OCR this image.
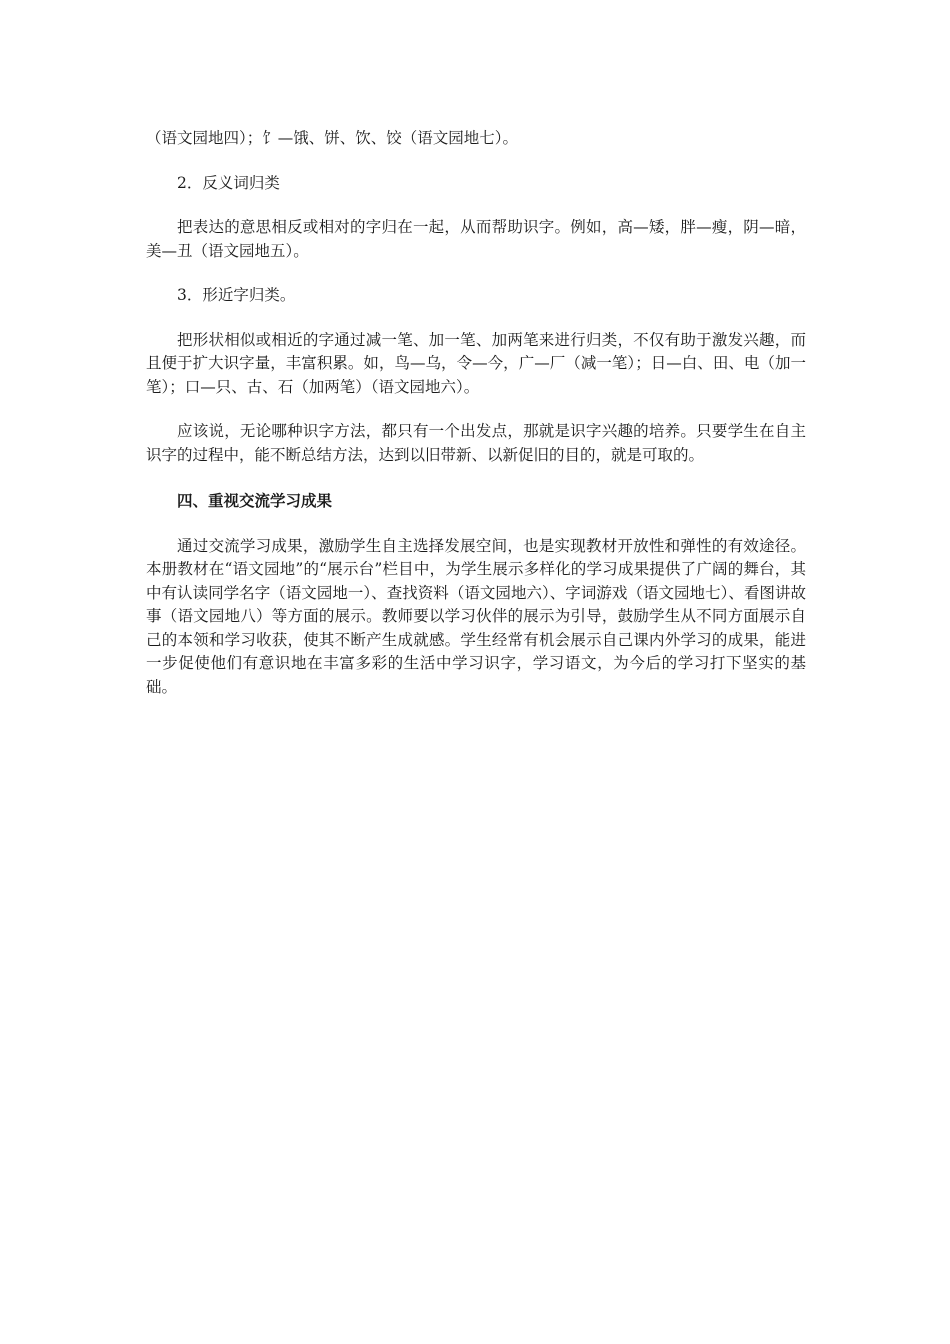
（语文园地四）；饣—饿、饼、饮、饺（语文园地七）。

2．反义词归类

把表达的意思相反或相对的字归在一起，从而帮助识字。例如，高—矮，胖—瘦，阴—暗，美—丑（语文园地五）。

3．形近字归类。

把形状相似或相近的字通过减一笔、加一笔、加两笔来进行归类，不仅有助于激发兴趣，而且便于扩大识字量，丰富积累。如，鸟—乌，令—今，广—厂（减一笔）；日—白、田、电（加一笔）；口—只、古、石（加两笔）（语文园地六）。

应该说，无论哪种识字方法，都只有一个出发点，那就是识字兴趣的培养。只要学生在自主识字的过程中，能不断总结方法，达到以旧带新、以新促旧的目的，就是可取的。

四、重视交流学习成果

通过交流学习成果，激励学生自主选择发展空间，也是实现教材开放性和弹性的有效途径。本册教材在“语文园地”的“展示台”栏目中，为学生展示多样化的学习成果提供了广阔的舞台，其中有认读同学名字（语文园地一）、查找资料（语文园地六）、字词游戏（语文园地七）、看图讲故事（语文园地八）等方面的展示。教师要以学习伙伴的展示为引导，鼓励学生从不同方面展示自己的本领和学习收获，使其不断产生成就感。学生经常有机会展示自己课内外学习的成果，能进一步促使他们有意识地在丰富多彩的生活中学习识字，学习语文，为今后的学习打下坚实的基础。
